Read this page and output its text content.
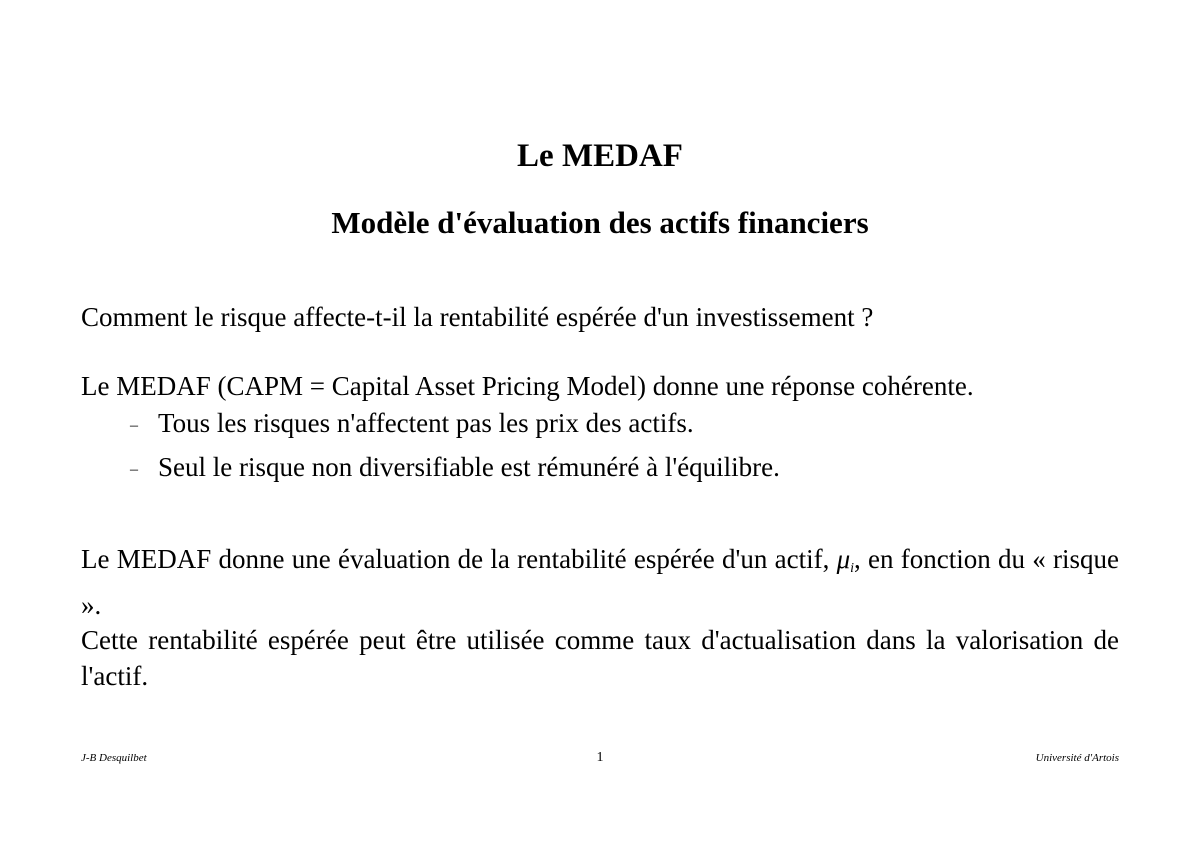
Le MEDAF
Modèle d'évaluation des actifs financiers

Comment le risque affecte-t-il la rentabilité espérée d'un investissement ?

Le MEDAF (CAPM = Capital Asset Pricing Model) donne une réponse cohérente.

– Tous les risques n'affectent pas les prix des actifs.

– Seul le risque non diversifiable est rémunéré à l'équilibre.

Le MEDAF donne une évaluation de la rentabilité espérée d'un actif, μi, en fonction du « risque ».

Cette rentabilité espérée peut être utilisée comme taux d'actualisation dans la valorisation de l'actif.

J-B Desquilbet	1	Université d'Artois
